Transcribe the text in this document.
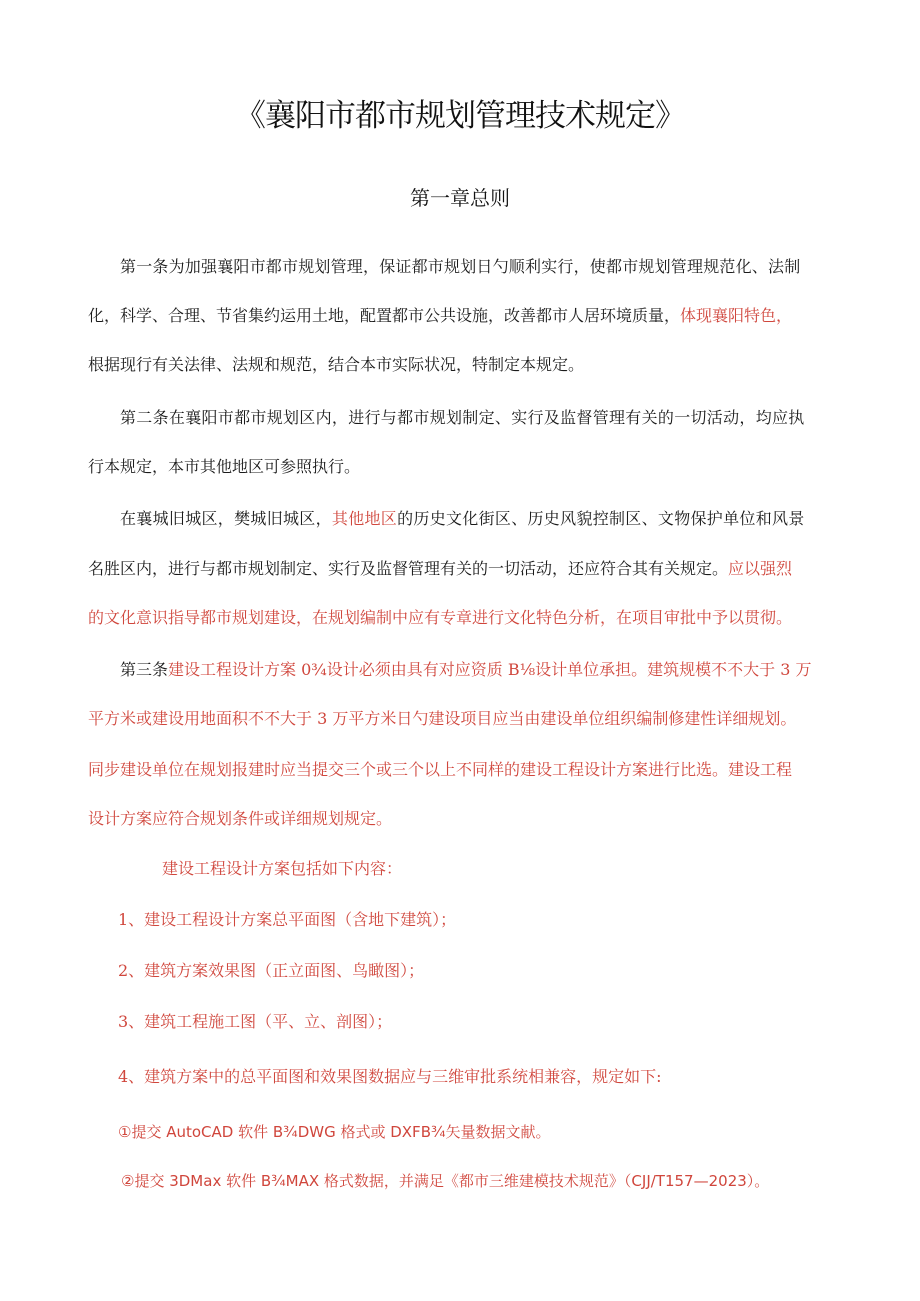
《襄阳市都市规划管理技术规定》
第一章总则
第一条为加强襄阳市都市规划管理，保证都市规划日勺顺利实行，使都市规划管理规范化、法制
化，科学、合理、节省集约运用土地，配置都市公共设施，改善都市人居环境质量，体现襄阳特色，
根据现行有关法律、法规和规范，结合本市实际状况，特制定本规定。
第二条在襄阳市都市规划区内，进行与都市规划制定、实行及监督管理有关的一切活动，均应执
行本规定，本市其他地区可参照执行。
在襄城旧城区，樊城旧城区，其他地区的历史文化街区、历史风貌控制区、文物保护单位和风景
名胜区内，进行与都市规划制定、实行及监督管理有关的一切活动，还应符合其有关规定。应以强烈
的文化意识指导都市规划建设，在规划编制中应有专章进行文化特色分析，在项目审批中予以贯彻。
第三条建设工程设计方案 0¾设计必须由具有对应资质 B⅛设计单位承担。建筑规模不不大于 3 万
平方米或建设用地面积不不大于 3 万平方米日勺建设项目应当由建设单位组织编制修建性详细规划。
同步建设单位在规划报建时应当提交三个或三个以上不同样的建设工程设计方案进行比选。建设工程
设计方案应符合规划条件或详细规划规定。
建设工程设计方案包括如下内容：
1、建设工程设计方案总平面图（含地下建筑）；
2、建筑方案效果图（正立面图、鸟瞰图）；
3、建筑工程施工图（平、立、剖图）；
4、建筑方案中的总平面图和效果图数据应与三维审批系统相兼容，规定如下:
①提交 AutoCAD 软件 B¾DWG 格式或 DXFB¾矢量数据文献。
②提交 3DMax 软件 B¾MAX 格式数据，并满足《都市三维建模技术规范》（CJJ/T157—2023）。
